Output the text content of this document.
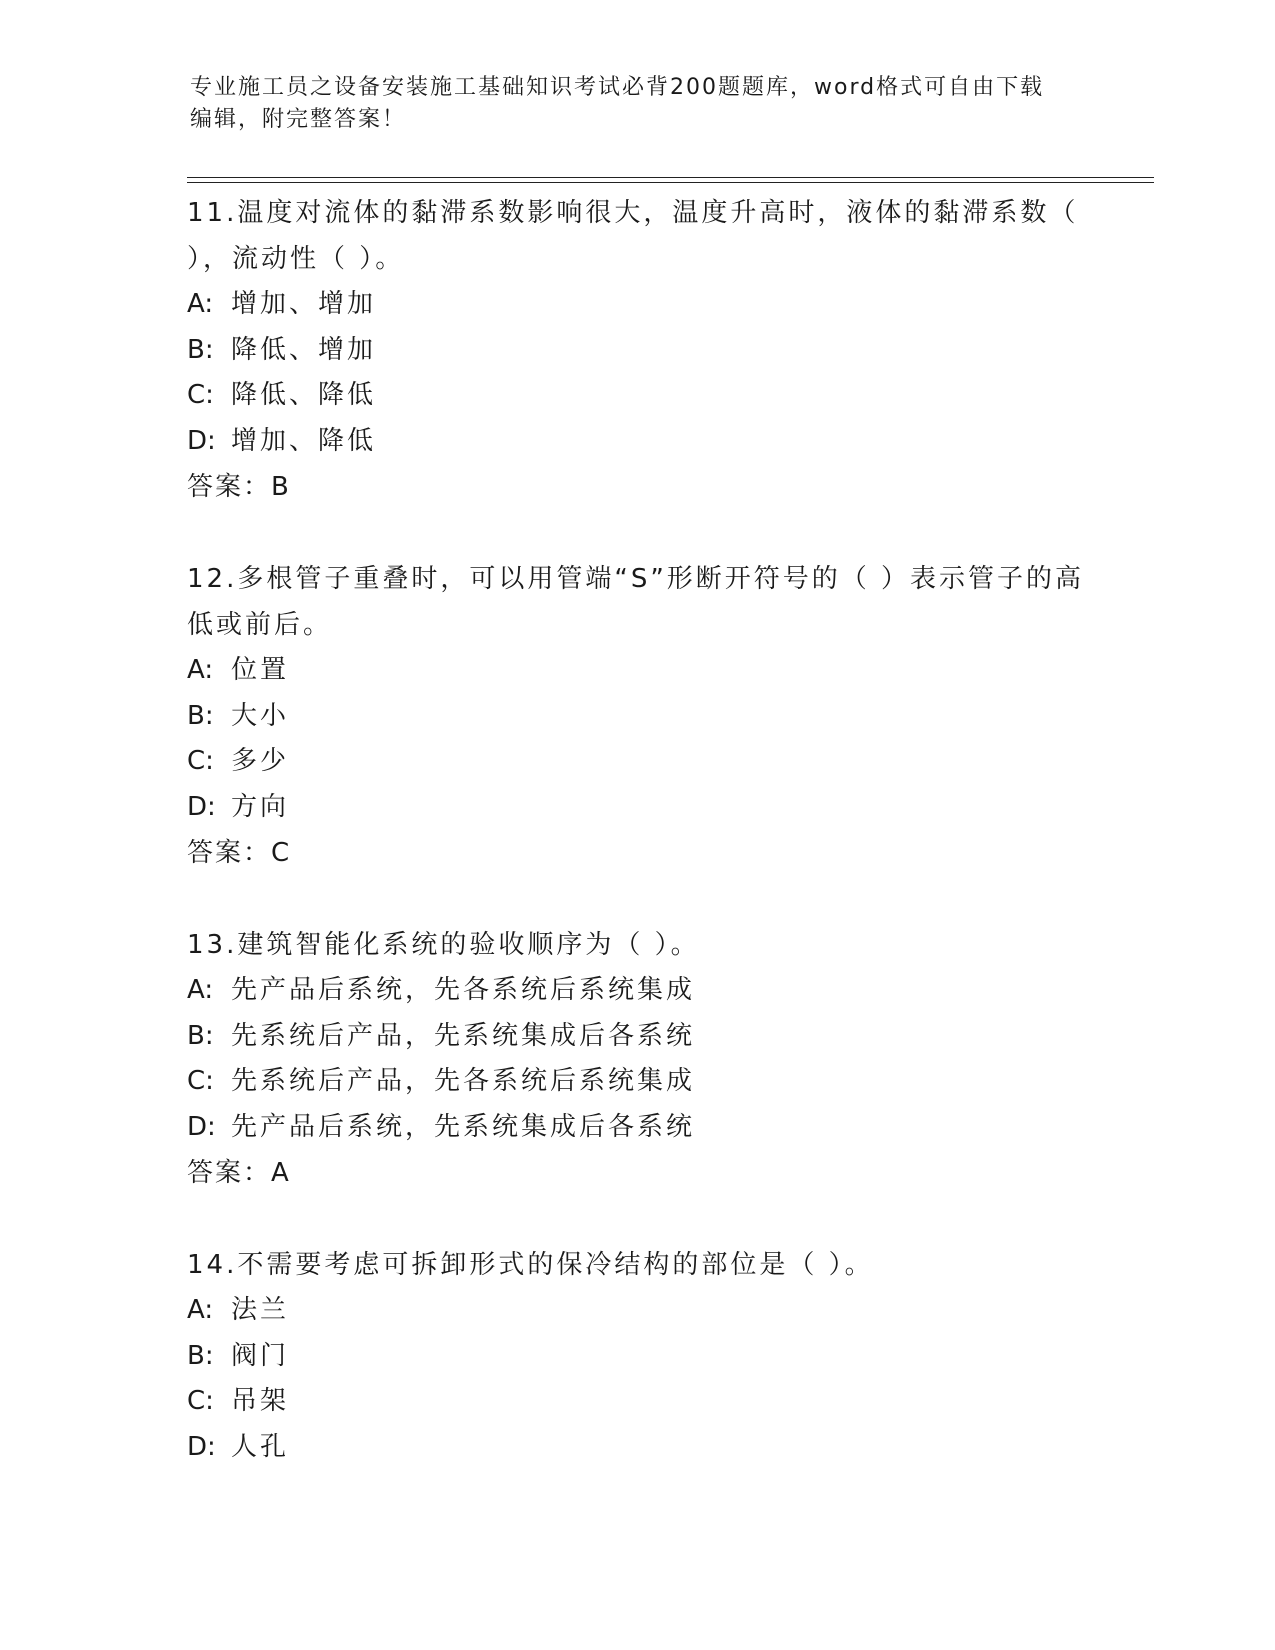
专业施工员之设备安装施工基础知识考试必背200题题库，word格式可自由下载
编辑，附完整答案！

11.温度对流体的黏滞系数影响很大，温度升高时，液体的黏滞系数（ ），流动性（ ）。

A: 增加、增加
B: 降低、增加
C: 降低、降低
D: 增加、降低
答案：B

12.多根管子重叠时，可以用管端“S”形断开符号的（ ）表示管子的高低或前后。

A: 位置
B: 大小
C: 多少
D: 方向
答案：C

13.建筑智能化系统的验收顺序为（ ）。

A: 先产品后系统，先各系统后系统集成
B: 先系统后产品，先系统集成后各系统
C: 先系统后产品，先各系统后系统集成
D: 先产品后系统，先系统集成后各系统
答案：A

14.不需要考虑可拆卸形式的保冷结构的部位是（ ）。

A: 法兰
B: 阀门
C: 吊架
D: 人孔
